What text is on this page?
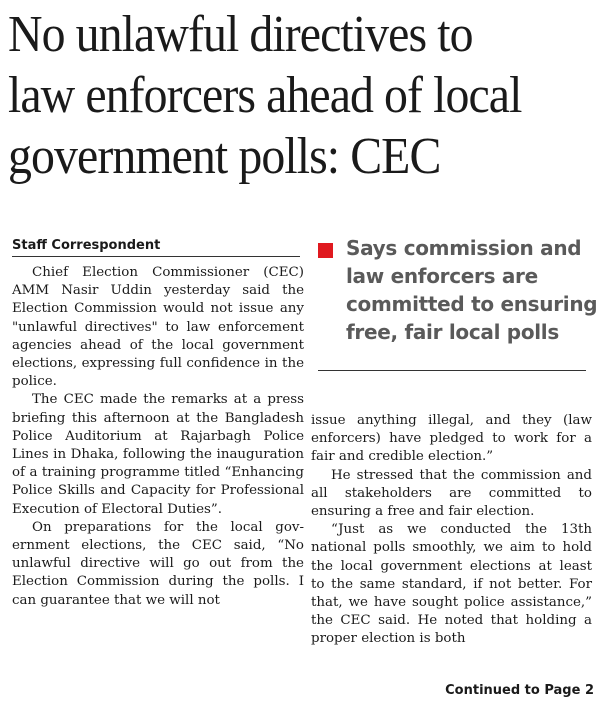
No unlawful directives to
law enforcers ahead of local
government polls: CEC
Staff Correspondent

Chief Election Commissioner (CEC) AMM Nasir Uddin yesterday said the Election Commission would not issue any "unlawful directives" to law enforcement agencies ahead of the local government elections, expressing full confidence in the police.

The CEC made the remarks at a press briefing this afternoon at the Bangladesh Police Auditorium at Rajarbagh Police Lines in Dhaka, following the inauguration of a training programme titled “Enhancing Police Skills and Capacity for Professional Execution of Electoral Duties”.

On preparations for the local government elections, the CEC said, “No unlawful directive will go out from the Election Commission during the polls. I can guarantee that we will not

Says commission and law enforcers are committed to ensuring free, fair local polls

issue anything illegal, and they (law enforcers) have pledged to work for a fair and credible election.”

He stressed that the commission and all stakeholders are committed to ensuring a free and fair election.

“Just as we conducted the 13th national polls smoothly, we aim to hold the local government elections at least to the same standard, if not better. For that, we have sought police assistance,” the CEC said. He noted that holding a proper election is both

Continued to Page 2
